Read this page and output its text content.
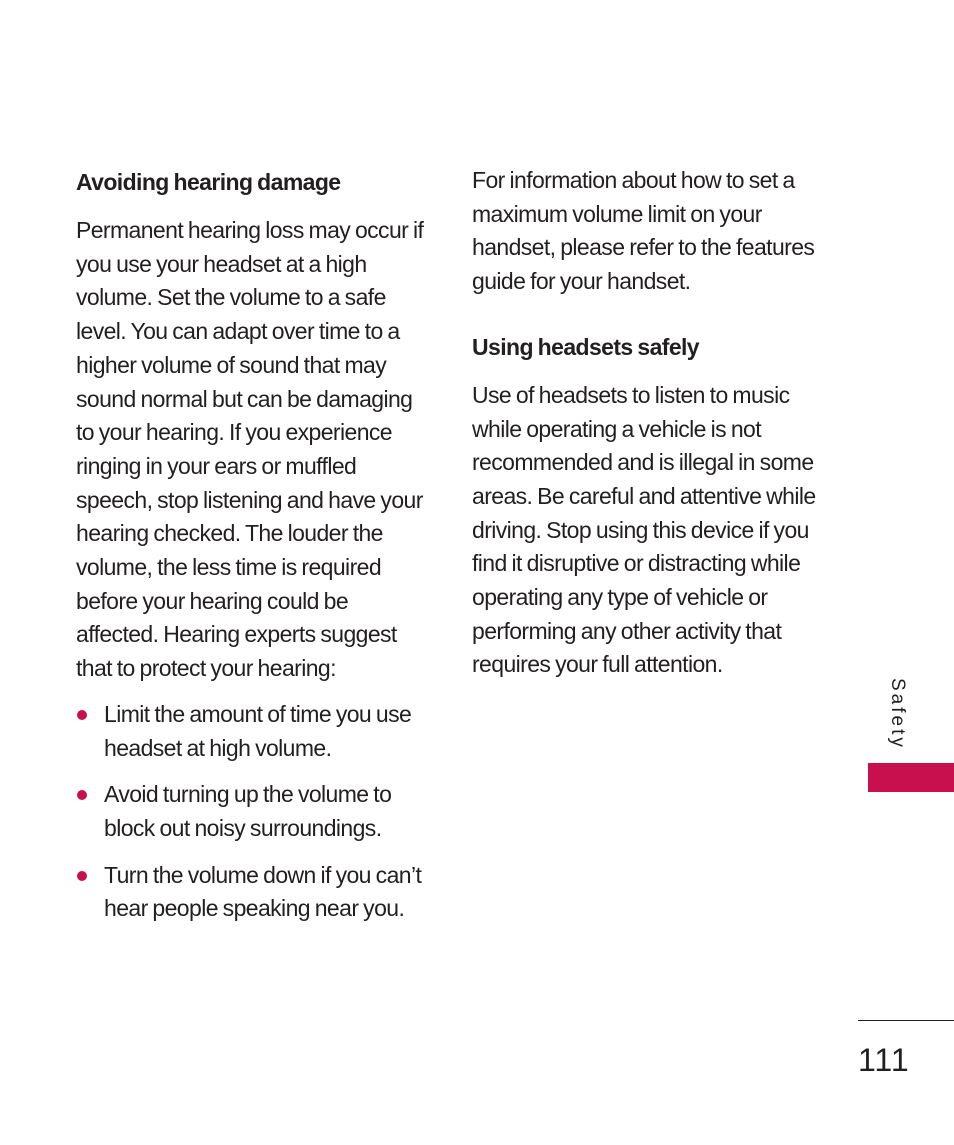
Avoiding hearing damage

Permanent hearing loss may occur if you use your headset at a high volume. Set the volume to a safe level. You can adapt over time to a higher volume of sound that may sound normal but can be damaging to your hearing. If you experience ringing in your ears or muffled speech, stop listening and have your hearing checked. The louder the volume, the less time is required before your hearing could be affected. Hearing experts suggest that to protect your hearing:

Limit the amount of time you use headset at high volume.
Avoid turning up the volume to block out noisy surroundings.
Turn the volume down if you can’t hear people speaking near you.

For information about how to set a maximum volume limit on your handset, please refer to the features guide for your handset.

Using headsets safely

Use of headsets to listen to music while operating a vehicle is not recommended and is illegal in some areas. Be careful and attentive while driving. Stop using this device if you find it disruptive or distracting while operating any type of vehicle or performing any other activity that requires your full attention.

Safety
111
